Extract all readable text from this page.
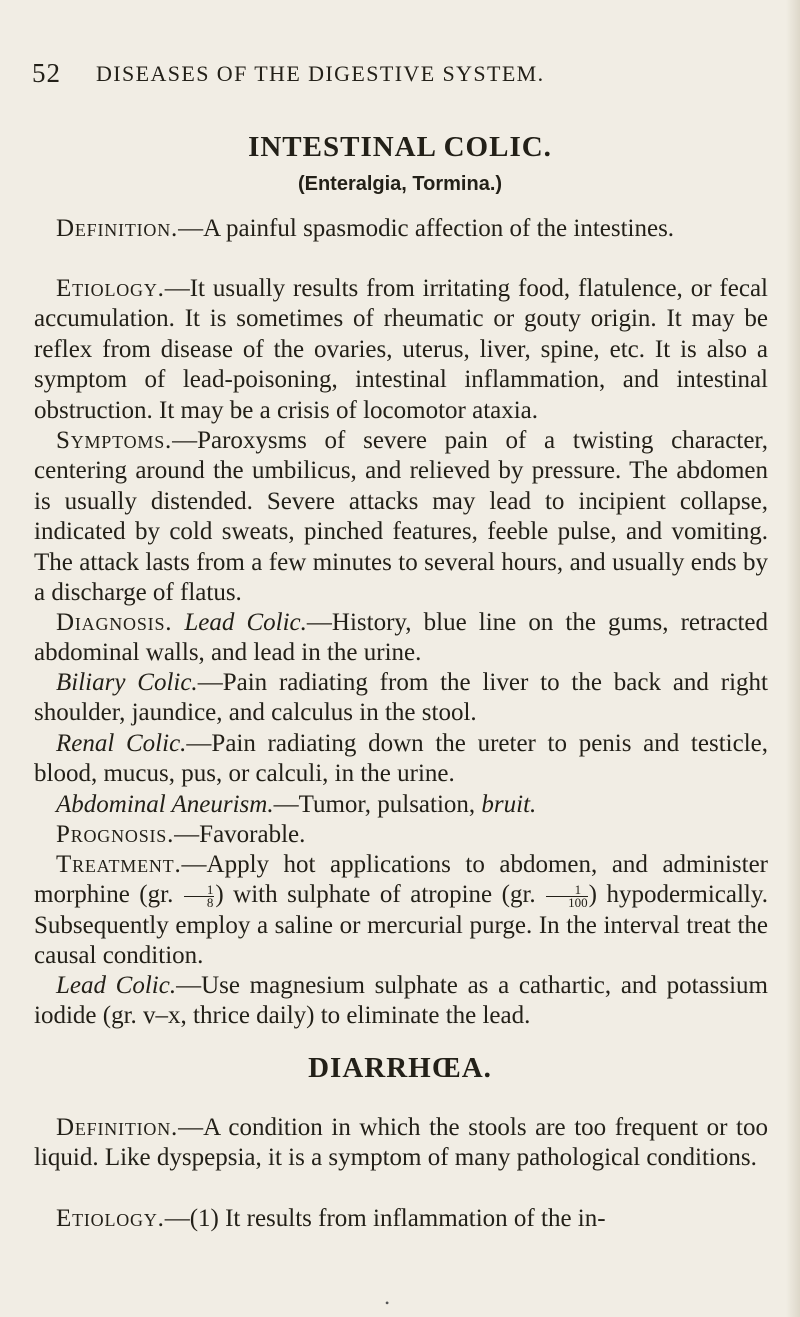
52 DISEASES OF THE DIGESTIVE SYSTEM.
INTESTINAL COLIC.
(Enteralgia, Tormina.)

Definition.—A painful spasmodic affection of the intestines.

Etiology.—It usually results from irritating food, flatulence, or fecal accumulation. It is sometimes of rheumatic or gouty origin. It may be reflex from disease of the ovaries, uterus, liver, spine, etc. It is also a symptom of lead-poisoning, intestinal inflammation, and intestinal obstruction. It may be a crisis of locomotor ataxia.

Symptoms.—Paroxysms of severe pain of a twisting character, centering around the umbilicus, and relieved by pressure. The abdomen is usually distended. Severe attacks may lead to incipient collapse, indicated by cold sweats, pinched features, feeble pulse, and vomiting. The attack lasts from a few minutes to several hours, and usually ends by a discharge of flatus.

Diagnosis. Lead Colic.—History, blue line on the gums, retracted abdominal walls, and lead in the urine.

Biliary Colic.—Pain radiating from the liver to the back and right shoulder, jaundice, and calculus in the stool.

Renal Colic.—Pain radiating down the ureter to penis and testicle, blood, mucus, pus, or calculi, in the urine.

Abdominal Aneurism.—Tumor, pulsation, bruit.

Prognosis.—Favorable.

Treatment.—Apply hot applications to abdomen, and administer morphine (gr. $\frac{1}{8}$ ) with sulphate of atropine (gr. $\frac{1}{100}$ ) hypodermically. Subsequently employ a saline or mercurial purge. In the interval treat the causal condition.

DIARRHŒA.

Definition.—A condition in which the stools are too frequent or too liquid. Like dyspepsia, it is a symptom of many pathological conditions.

Etiology.—(1) It results from inflammation of the in-

•

Lead Colic.—Use magnesium sulphate as a cathartic, and potassium iodide (gr. v–x, thrice daily) to eliminate the lead.
